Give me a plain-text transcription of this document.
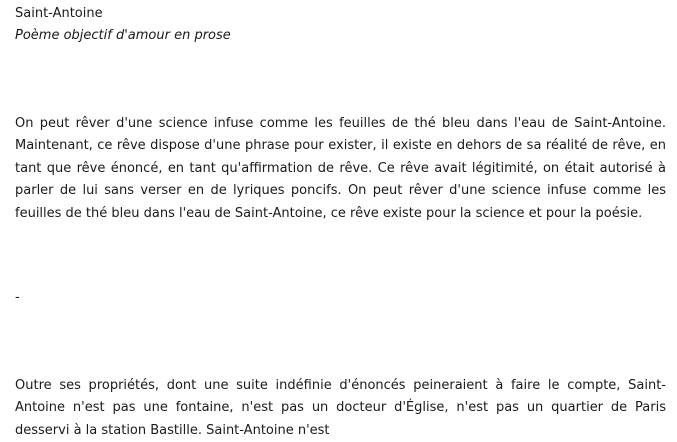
Saint-Antoine
Poème objectif d'amour en prose

On peut rêver d'une science infuse comme les feuilles de thé bleu dans l'eau de Saint-Antoine. Maintenant, ce rêve dispose d'une phrase pour exister, il existe en dehors de sa réalité de rêve, en tant que rêve énoncé, en tant qu'affirmation de rêve. Ce rêve avait légitimité, on était autorisé à parler de lui sans verser en de lyriques poncifs. On peut rêver d'une science infuse comme les feuilles de thé bleu dans l'eau de Saint-Antoine, ce rêve existe pour la science et pour la poésie.

-

Outre ses propriétés, dont une suite indéfinie d'énoncés peineraient à faire le compte, Saint-Antoine n'est pas une fontaine, n'est pas un docteur d'Église, n'est pas un quartier de Paris desservi à la station Bastille. Saint-Antoine n'est
